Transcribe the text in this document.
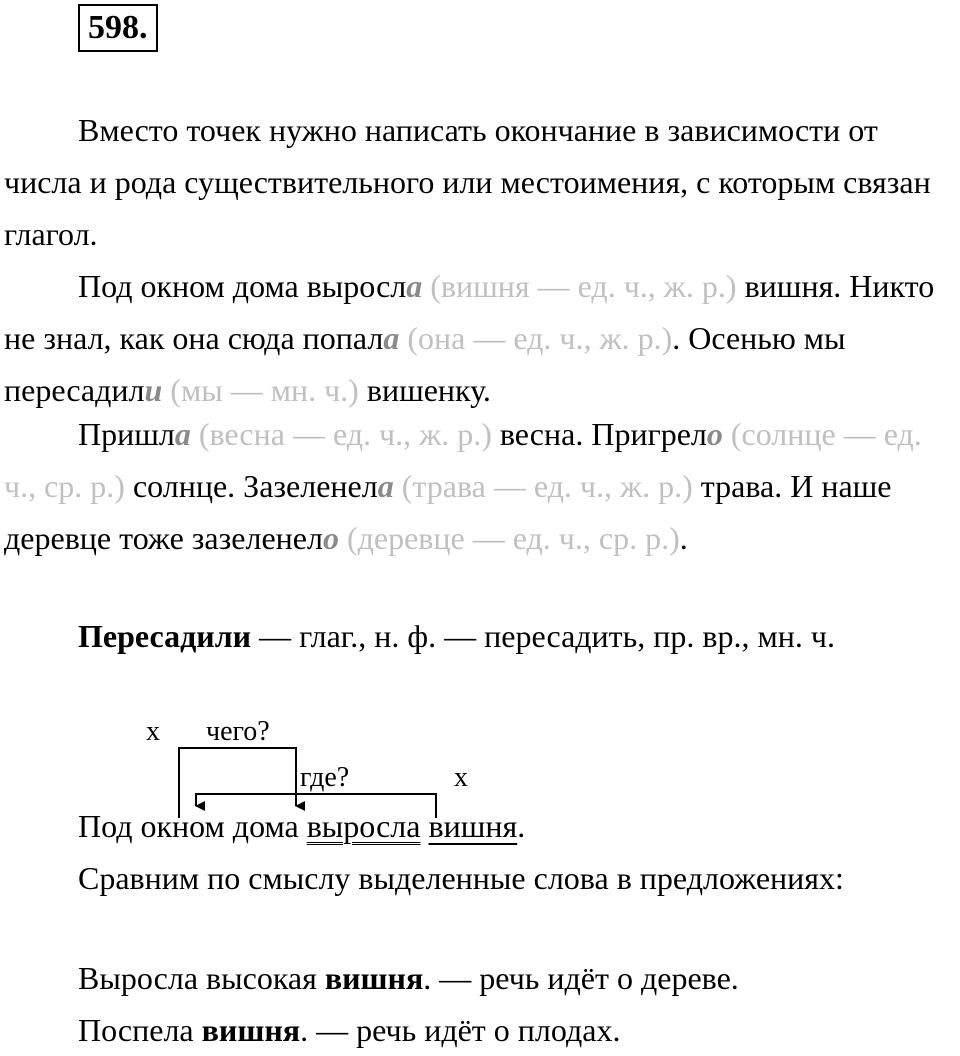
598.

Вместо точек нужно написать окончание в зависимости от числа и рода существительного или местоимения, с которым связан глагол.

Под окном дома выросла (вишня — ед. ч., ж. р.) вишня. Никто не знал, как она сюда попала (она — ед. ч., ж. р.). Осенью мы пересадили (мы — мн. ч.) вишенку.

Пришла (весна — ед. ч., ж. р.) весна. Пригрело (солнце — ед. ч., ср. р.) солнце. Зазеленела (трава — ед. ч., ж. р.) трава. И наше деревце тоже зазеленело (деревце — ед. ч., ср. р.).

Пересадили — глаг., н. ф. — пересадить, пр. вр., мн. ч.

х чего?
где?	х

Под окном дома выросла вишня.

Сравним по смыслу выделенные слова в предложениях:

Выросла высокая вишня. — речь идёт о дереве.

Поспела вишня. — речь идёт о плодах.
